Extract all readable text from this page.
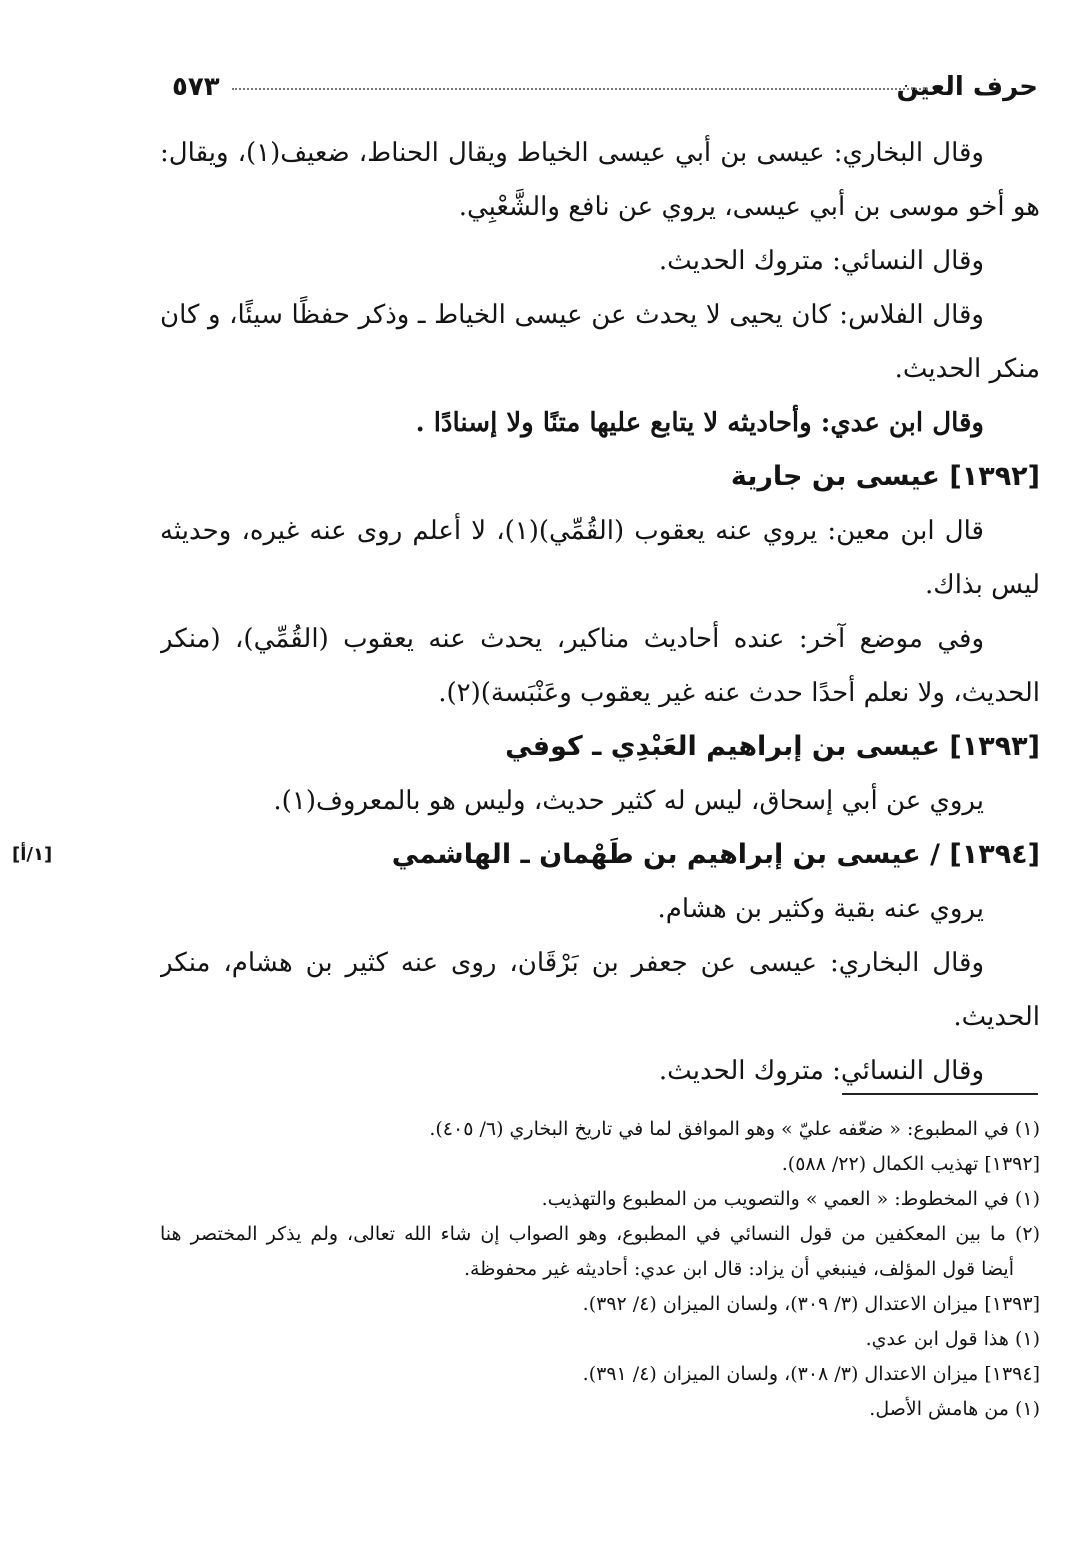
حرف العين
٥٧٣
وقال البخاري: عيسى بن أبي عيسى الخياط ويقال الحناط، ضعيف(١)، ويقال:
هو أخو موسى بن أبي عيسى، يروي عن نافع والشَّعْبِي.
وقال النسائي: متروك الحديث.
وقال الفلاس: كان يحيى لا يحدث عن عيسى الخياط ـ وذكر حفظًا سيئًا، و كان
منكر الحديث.
وقال ابن عدي: وأحاديثه لا يتابع عليها متنًا ولا إسنادًا .
[١٣٩٢] عيسى بن جارية
قال ابن معين: يروي عنه يعقوب (القُمِّي)(١)، لا أعلم روى عنه غيره، وحديثه
ليس بذاك.
وفي موضع آخر: عنده أحاديث مناكير، يحدث عنه يعقوب (القُمِّي)، (منكر
الحديث، ولا نعلم أحدًا حدث عنه غير يعقوب وعَنْبَسة)(٢).
[١٣٩٣] عيسى بن إبراهيم العَبْدِي ـ كوفي
يروي عن أبي إسحاق، ليس له كثير حديث، وليس هو بالمعروف(١).
[١٣٩٤] / عيسى بن إبراهيم بن طَهْمان ـ الهاشمي
[١/أ]
يروي عنه بقية وكثير بن هشام.
وقال البخاري: عيسى عن جعفر بن بَرْقَان، روى عنه كثير بن هشام، منكر
الحديث.
وقال النسائي: متروك الحديث.
(١) في المطبوع: « ضعّفه عليّ » وهو الموافق لما في تاريخ البخاري (٦/ ٤٠٥).
[١٣٩٢] تهذيب الكمال (٢٢/ ٥٨٨).
(١) في المخطوط: « العمي » والتصويب من المطبوع والتهذيب.
(٢) ما بين المعكفين من قول النسائي في المطبوع، وهو الصواب إن شاء الله تعالى، ولم يذكر المختصر هنا
أيضا قول المؤلف، فينبغي أن يزاد: قال ابن عدي: أحاديثه غير محفوظة.
[١٣٩٣] ميزان الاعتدال (٣/ ٣٠٩)، ولسان الميزان (٤/ ٣٩٢).
(١) هذا قول ابن عدي.
[١٣٩٤] ميزان الاعتدال (٣/ ٣٠٨)، ولسان الميزان (٤/ ٣٩١).
(١) من هامش الأصل.
